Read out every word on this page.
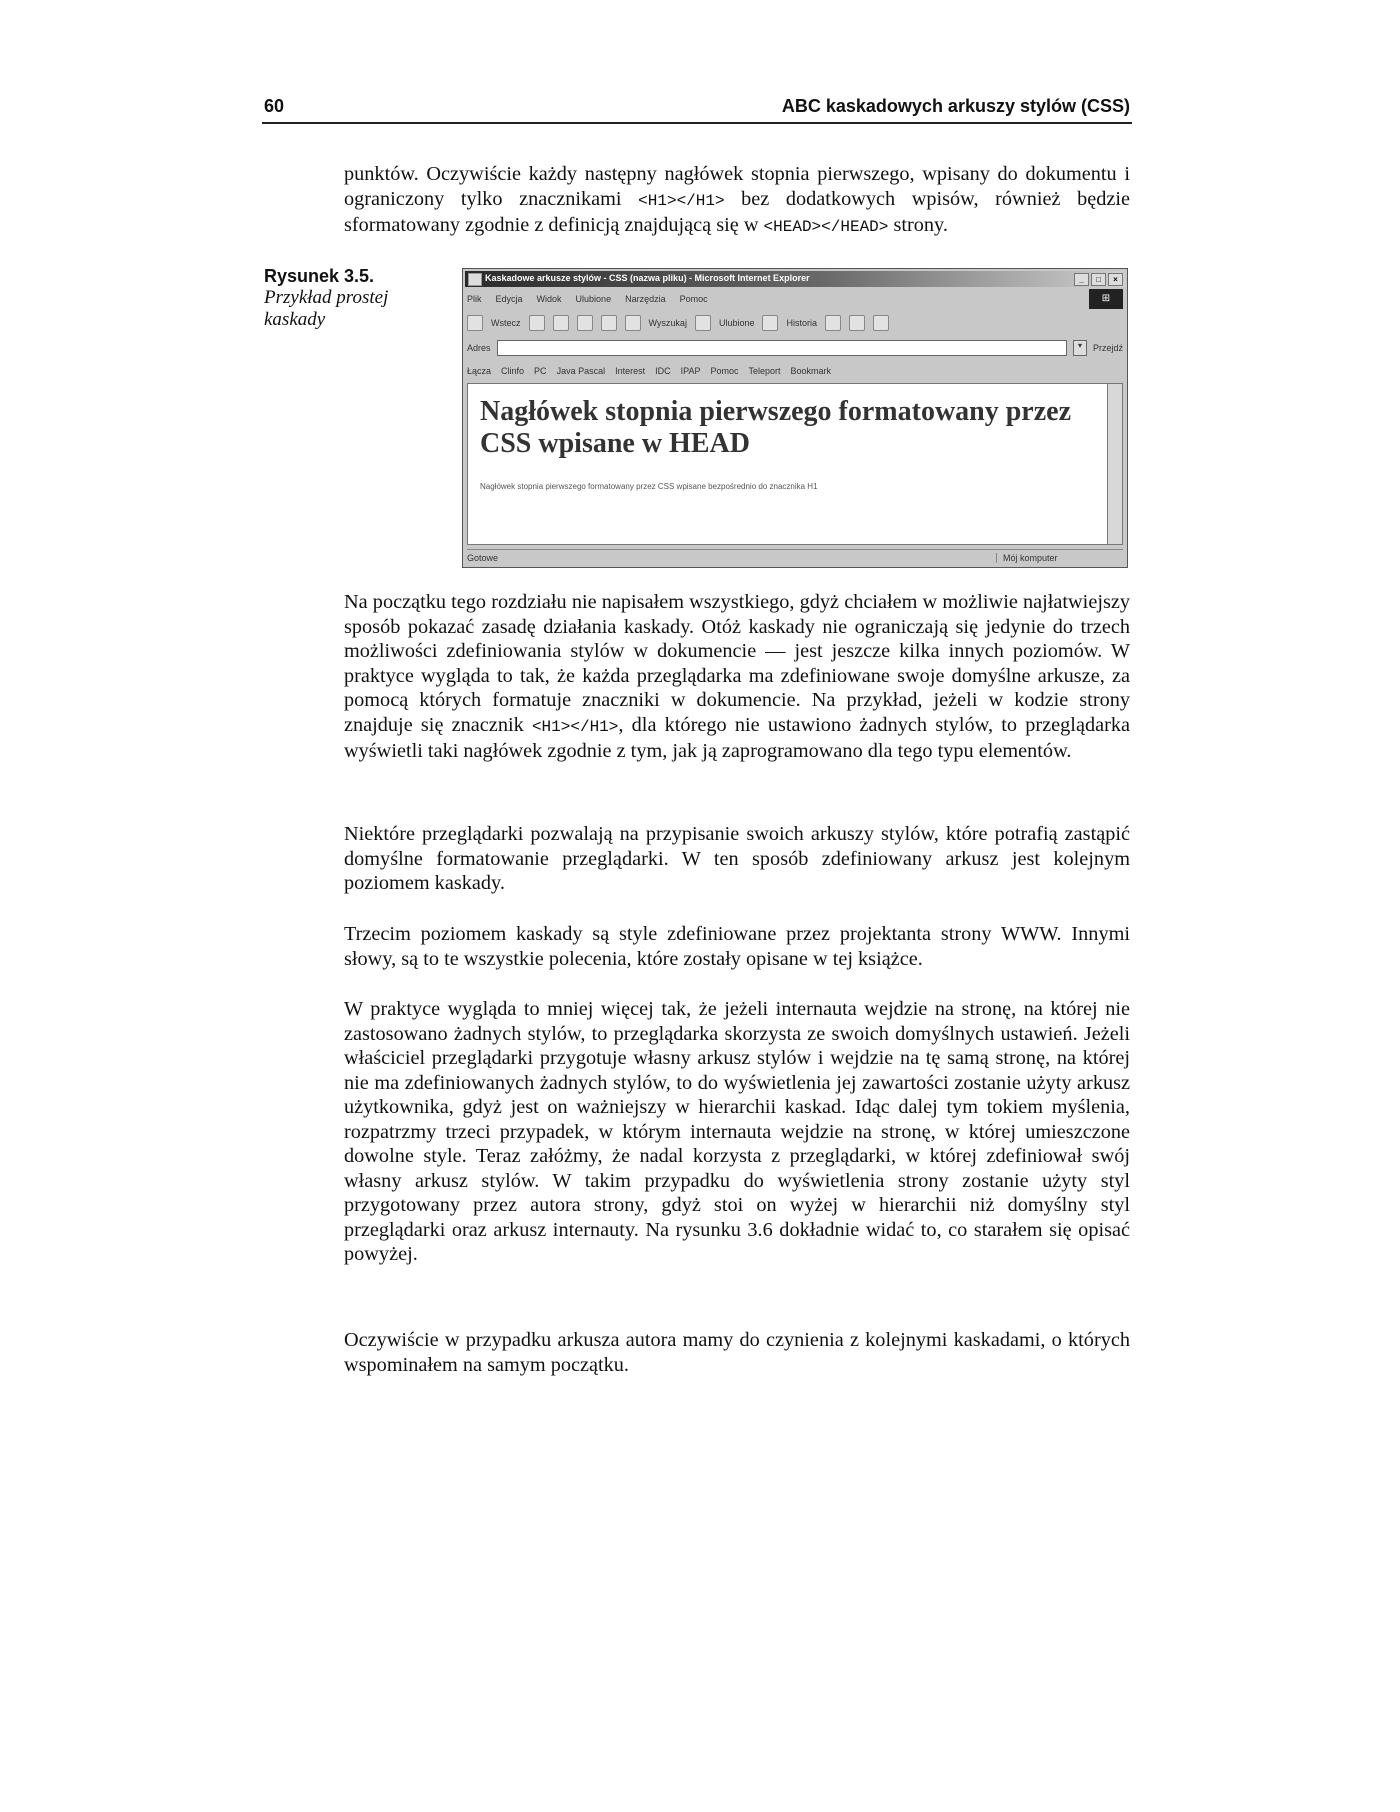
60	ABC kaskadowych arkuszy stylów (CSS)

punktów. Oczywiście każdy następny nagłówek stopnia pierwszego, wpisany do dokumentu i ograniczony tylko znacznikami <H1></H1> bez dodatkowych wpisów, również będzie sformatowany zgodnie z definicją znajdującą się w <HEAD></HEAD> strony.

Rysunek 3.5.
Przykład prostej kaskady
Kaskadowe arkusze stylów - CSS (nazwa pliku) - Microsoft Internet Explorer	_	□	×
Plik Edycja Widok Ulubione Narzędzia Pomoc	⊞
Wstecz	Wyszukaj	Ulubione	Historia
Adres	▾	Przejdź
Łącza Clinfo PC Java Pascal Interest IDC IPAP Pomoc Teleport Bookmark
Nagłówek stopnia pierwszego formatowany przez CSS wpisane w HEAD

Nagłówek stopnia pierwszego formatowany przez CSS wpisane bezpośrednio do znacznika H1

Gotowe	Mój komputer

Na początku tego rozdziału nie napisałem wszystkiego, gdyż chciałem w możliwie najłatwiejszy sposób pokazać zasadę działania kaskady. Otóż kaskady nie ograniczają się jedynie do trzech możliwości zdefiniowania stylów w dokumencie — jest jeszcze kilka innych poziomów. W praktyce wygląda to tak, że każda przeglądarka ma zdefiniowane swoje domyślne arkusze, za pomocą których formatuje znaczniki w dokumencie. Na przykład, jeżeli w kodzie strony znajduje się znacznik <H1></H1>, dla którego nie ustawiono żadnych stylów, to przeglądarka wyświetli taki nagłówek zgodnie z tym, jak ją zaprogramowano dla tego typu elementów.

Niektóre przeglądarki pozwalają na przypisanie swoich arkuszy stylów, które potrafią zastąpić domyślne formatowanie przeglądarki. W ten sposób zdefiniowany arkusz jest kolejnym poziomem kaskady.

Trzecim poziomem kaskady są style zdefiniowane przez projektanta strony WWW. Innymi słowy, są to te wszystkie polecenia, które zostały opisane w tej książce.

W praktyce wygląda to mniej więcej tak, że jeżeli internauta wejdzie na stronę, na której nie zastosowano żadnych stylów, to przeglądarka skorzysta ze swoich domyślnych ustawień. Jeżeli właściciel przeglądarki przygotuje własny arkusz stylów i wejdzie na tę samą stronę, na której nie ma zdefiniowanych żadnych stylów, to do wyświetlenia jej zawartości zostanie użyty arkusz użytkownika, gdyż jest on ważniejszy w hierarchii kaskad. Idąc dalej tym tokiem myślenia, rozpatrzmy trzeci przypadek, w którym internauta wejdzie na stronę, w której umieszczone dowolne style. Teraz załóżmy, że nadal korzysta z przeglądarki, w której zdefiniował swój własny arkusz stylów. W takim przypadku do wyświetlenia strony zostanie użyty styl przygotowany przez autora strony, gdyż stoi on wyżej w hierarchii niż domyślny styl przeglądarki oraz arkusz internauty. Na rysunku 3.6 dokładnie widać to, co starałem się opisać powyżej.

Oczywiście w przypadku arkusza autora mamy do czynienia z kolejnymi kaskadami, o których wspominałem na samym początku.
